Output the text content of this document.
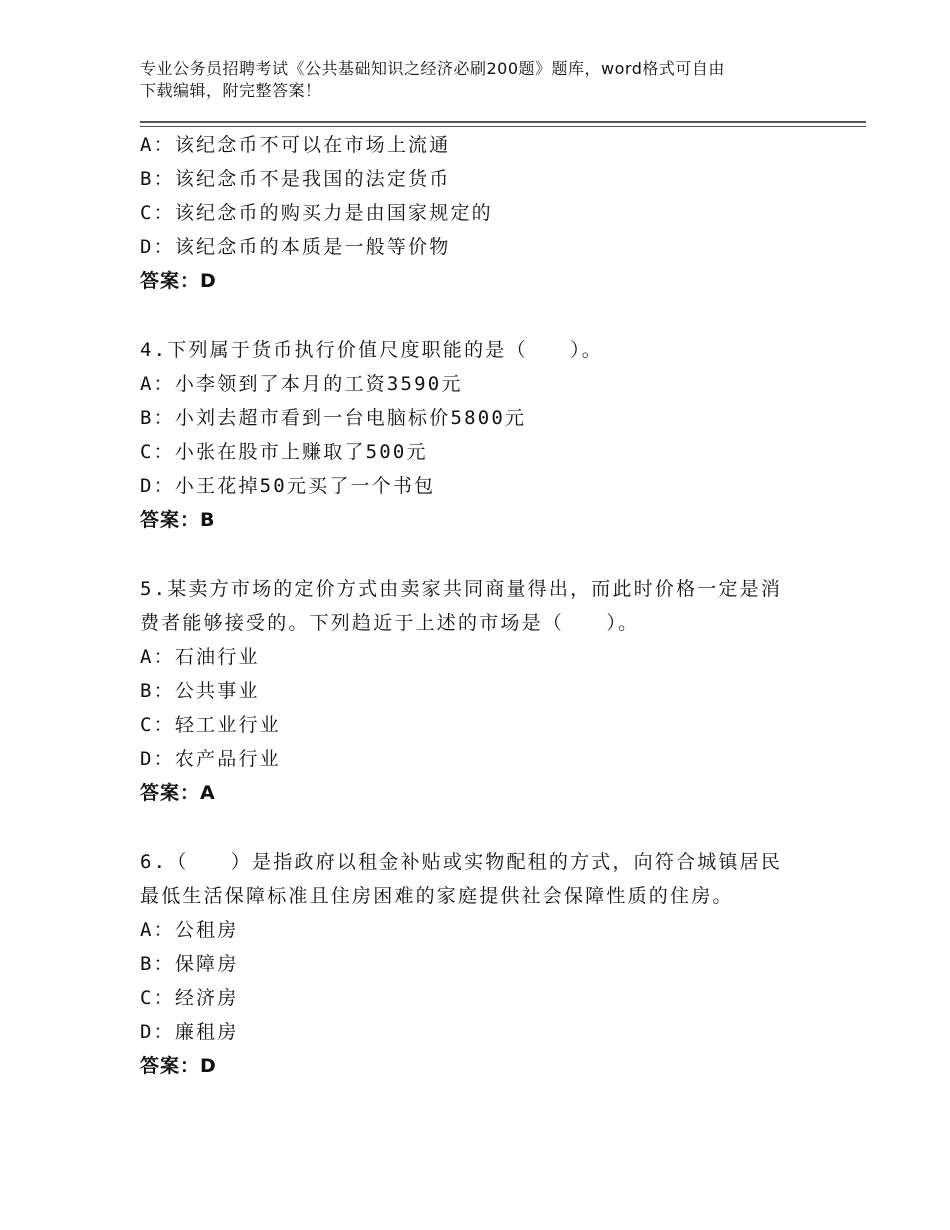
专业公务员招聘考试《公共基础知识之经济必刷200题》题库，word格式可自由
下载编辑，附完整答案！
A：该纪念币不可以在市场上流通
B：该纪念币不是我国的法定货币
C：该纪念币的购买力是由国家规定的
D：该纪念币的本质是一般等价物
答案：D
4.下列属于货币执行价值尺度职能的是（　　）。
A：小李领到了本月的工资3590元
B：小刘去超市看到一台电脑标价5800元
C：小张在股市上赚取了500元
D：小王花掉50元买了一个书包
答案：B
5.某卖方市场的定价方式由卖家共同商量得出，而此时价格一定是消
费者能够接受的。下列趋近于上述的市场是（　　）。
A：石油行业
B：公共事业
C：轻工业行业
D：农产品行业
答案：A
6.（　　）是指政府以租金补贴或实物配租的方式，向符合城镇居民
最低生活保障标准且住房困难的家庭提供社会保障性质的住房。
A：公租房
B：保障房
C：经济房
D：廉租房
答案：D
